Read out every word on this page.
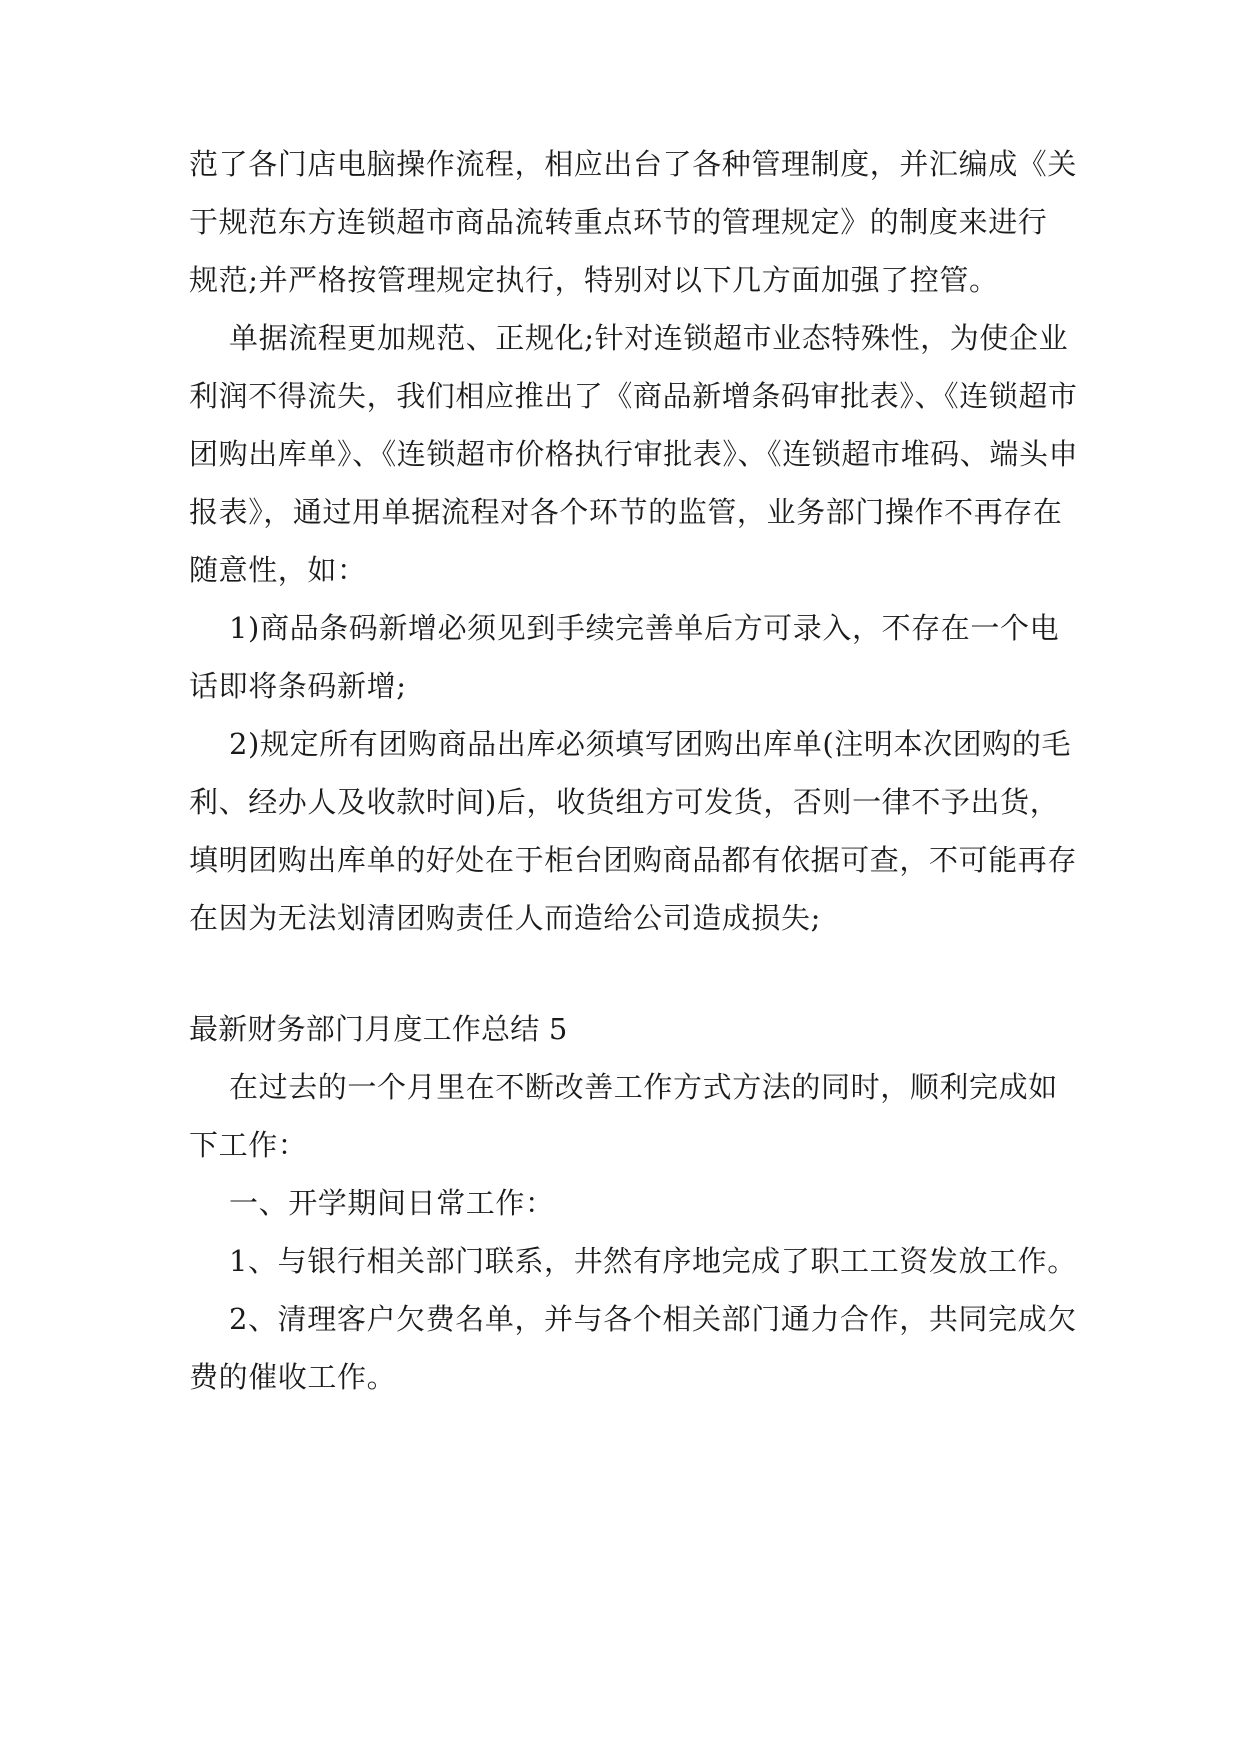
范了各门店电脑操作流程，相应出台了各种管理制度，并汇编成《关
于规范东方连锁超市商品流转重点环节的管理规定》的制度来进行
规范;并严格按管理规定执行，特别对以下几方面加强了控管。
单据流程更加规范、正规化;针对连锁超市业态特殊性，为使企业
利润不得流失，我们相应推出了《商品新增条码审批表》、《连锁超市
团购出库单》、《连锁超市价格执行审批表》、《连锁超市堆码、端头申
报表》，通过用单据流程对各个环节的监管，业务部门操作不再存在
随意性，如：
1)商品条码新增必须见到手续完善单后方可录入，不存在一个电
话即将条码新增;
2)规定所有团购商品出库必须填写团购出库单(注明本次团购的毛
利、经办人及收款时间)后，收货组方可发货，否则一律不予出货，
填明团购出库单的好处在于柜台团购商品都有依据可查，不可能再存
在因为无法划清团购责任人而造给公司造成损失;
最新财务部门月度工作总结 5
在过去的一个月里在不断改善工作方式方法的同时，顺利完成如
下工作：
一、开学期间日常工作：
1、与银行相关部门联系，井然有序地完成了职工工资发放工作。
2、清理客户欠费名单，并与各个相关部门通力合作，共同完成欠
费的催收工作。
